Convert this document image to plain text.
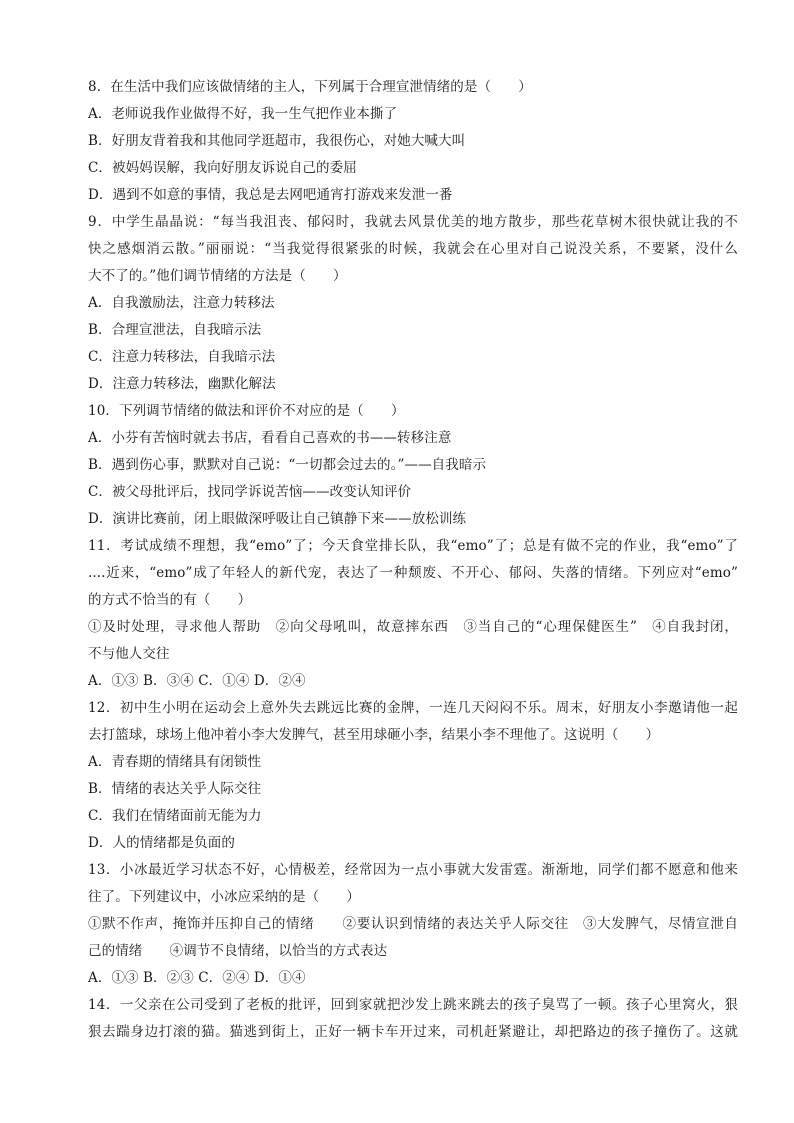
8．在生活中我们应该做情绪的主人，下列属于合理宣泄情绪的是（　　）
A．老师说我作业做得不好，我一生气把作业本撕了
B．好朋友背着我和其他同学逛超市，我很伤心，对她大喊大叫
C．被妈妈误解，我向好朋友诉说自己的委屈
D．遇到不如意的事情，我总是去网吧通宵打游戏来发泄一番
9．中学生晶晶说：“每当我沮丧、郁闷时，我就去风景优美的地方散步，那些花草树木很快就让我的不
快之感烟消云散。”丽丽说：“当我觉得很紧张的时候，我就会在心里对自己说没关系，不要紧，没什么
大不了的。”他们调节情绪的方法是（　　）
A．自我激励法，注意力转移法
B．合理宣泄法，自我暗示法
C．注意力转移法，自我暗示法
D．注意力转移法，幽默化解法
10．下列调节情绪的做法和评价不对应的是（　　）
A．小芬有苦恼时就去书店，看看自己喜欢的书——转移注意
B．遇到伤心事，默默对自己说：“一切都会过去的。”——自我暗示
C．被父母批评后，找同学诉说苦恼——改变认知评价
D．演讲比赛前，闭上眼做深呼吸让自己镇静下来——放松训练
11．考试成绩不理想，我“emo”了；今天食堂排长队，我“emo”了；总是有做不完的作业，我“emo”了
....近来，“emo”成了年轻人的新代宠，表达了一种颓废、不开心、郁闷、失落的情绪。下列应对“emo”
的方式不恰当的有（　　）
①及时处理，寻求他人帮助　②向父母吼叫，故意摔东西　③当自己的“心理保健医生”　④自我封闭，
不与他人交往
A．①③ B．③④ C．①④ D．②④
12．初中生小明在运动会上意外失去跳远比赛的金牌，一连几天闷闷不乐。周末，好朋友小李邀请他一起
去打篮球，球场上他冲着小李大发脾气，甚至用球砸小李，结果小李不理他了。这说明（　　）
A．青春期的情绪具有闭锁性
B．情绪的表达关乎人际交往
C．我们在情绪面前无能为力
D．人的情绪都是负面的
13．小冰最近学习状态不好，心情极差，经常因为一点小事就大发雷霆。渐渐地，同学们都不愿意和他来
往了。下列建议中，小冰应采纳的是（　　）
①默不作声，掩饰并压抑自己的情绪　　②要认识到情绪的表达关乎人际交往　③大发脾气，尽情宣泄自
己的情绪　　④调节不良情绪，以恰当的方式表达
A．①③ B．②③ C．②④ D．①④
14．一父亲在公司受到了老板的批评，回到家就把沙发上跳来跳去的孩子臭骂了一顿。孩子心里窝火，狠
狠去踹身边打滚的猫。猫逃到街上，正好一辆卡车开过来，司机赶紧避让，却把路边的孩子撞伤了。这就
